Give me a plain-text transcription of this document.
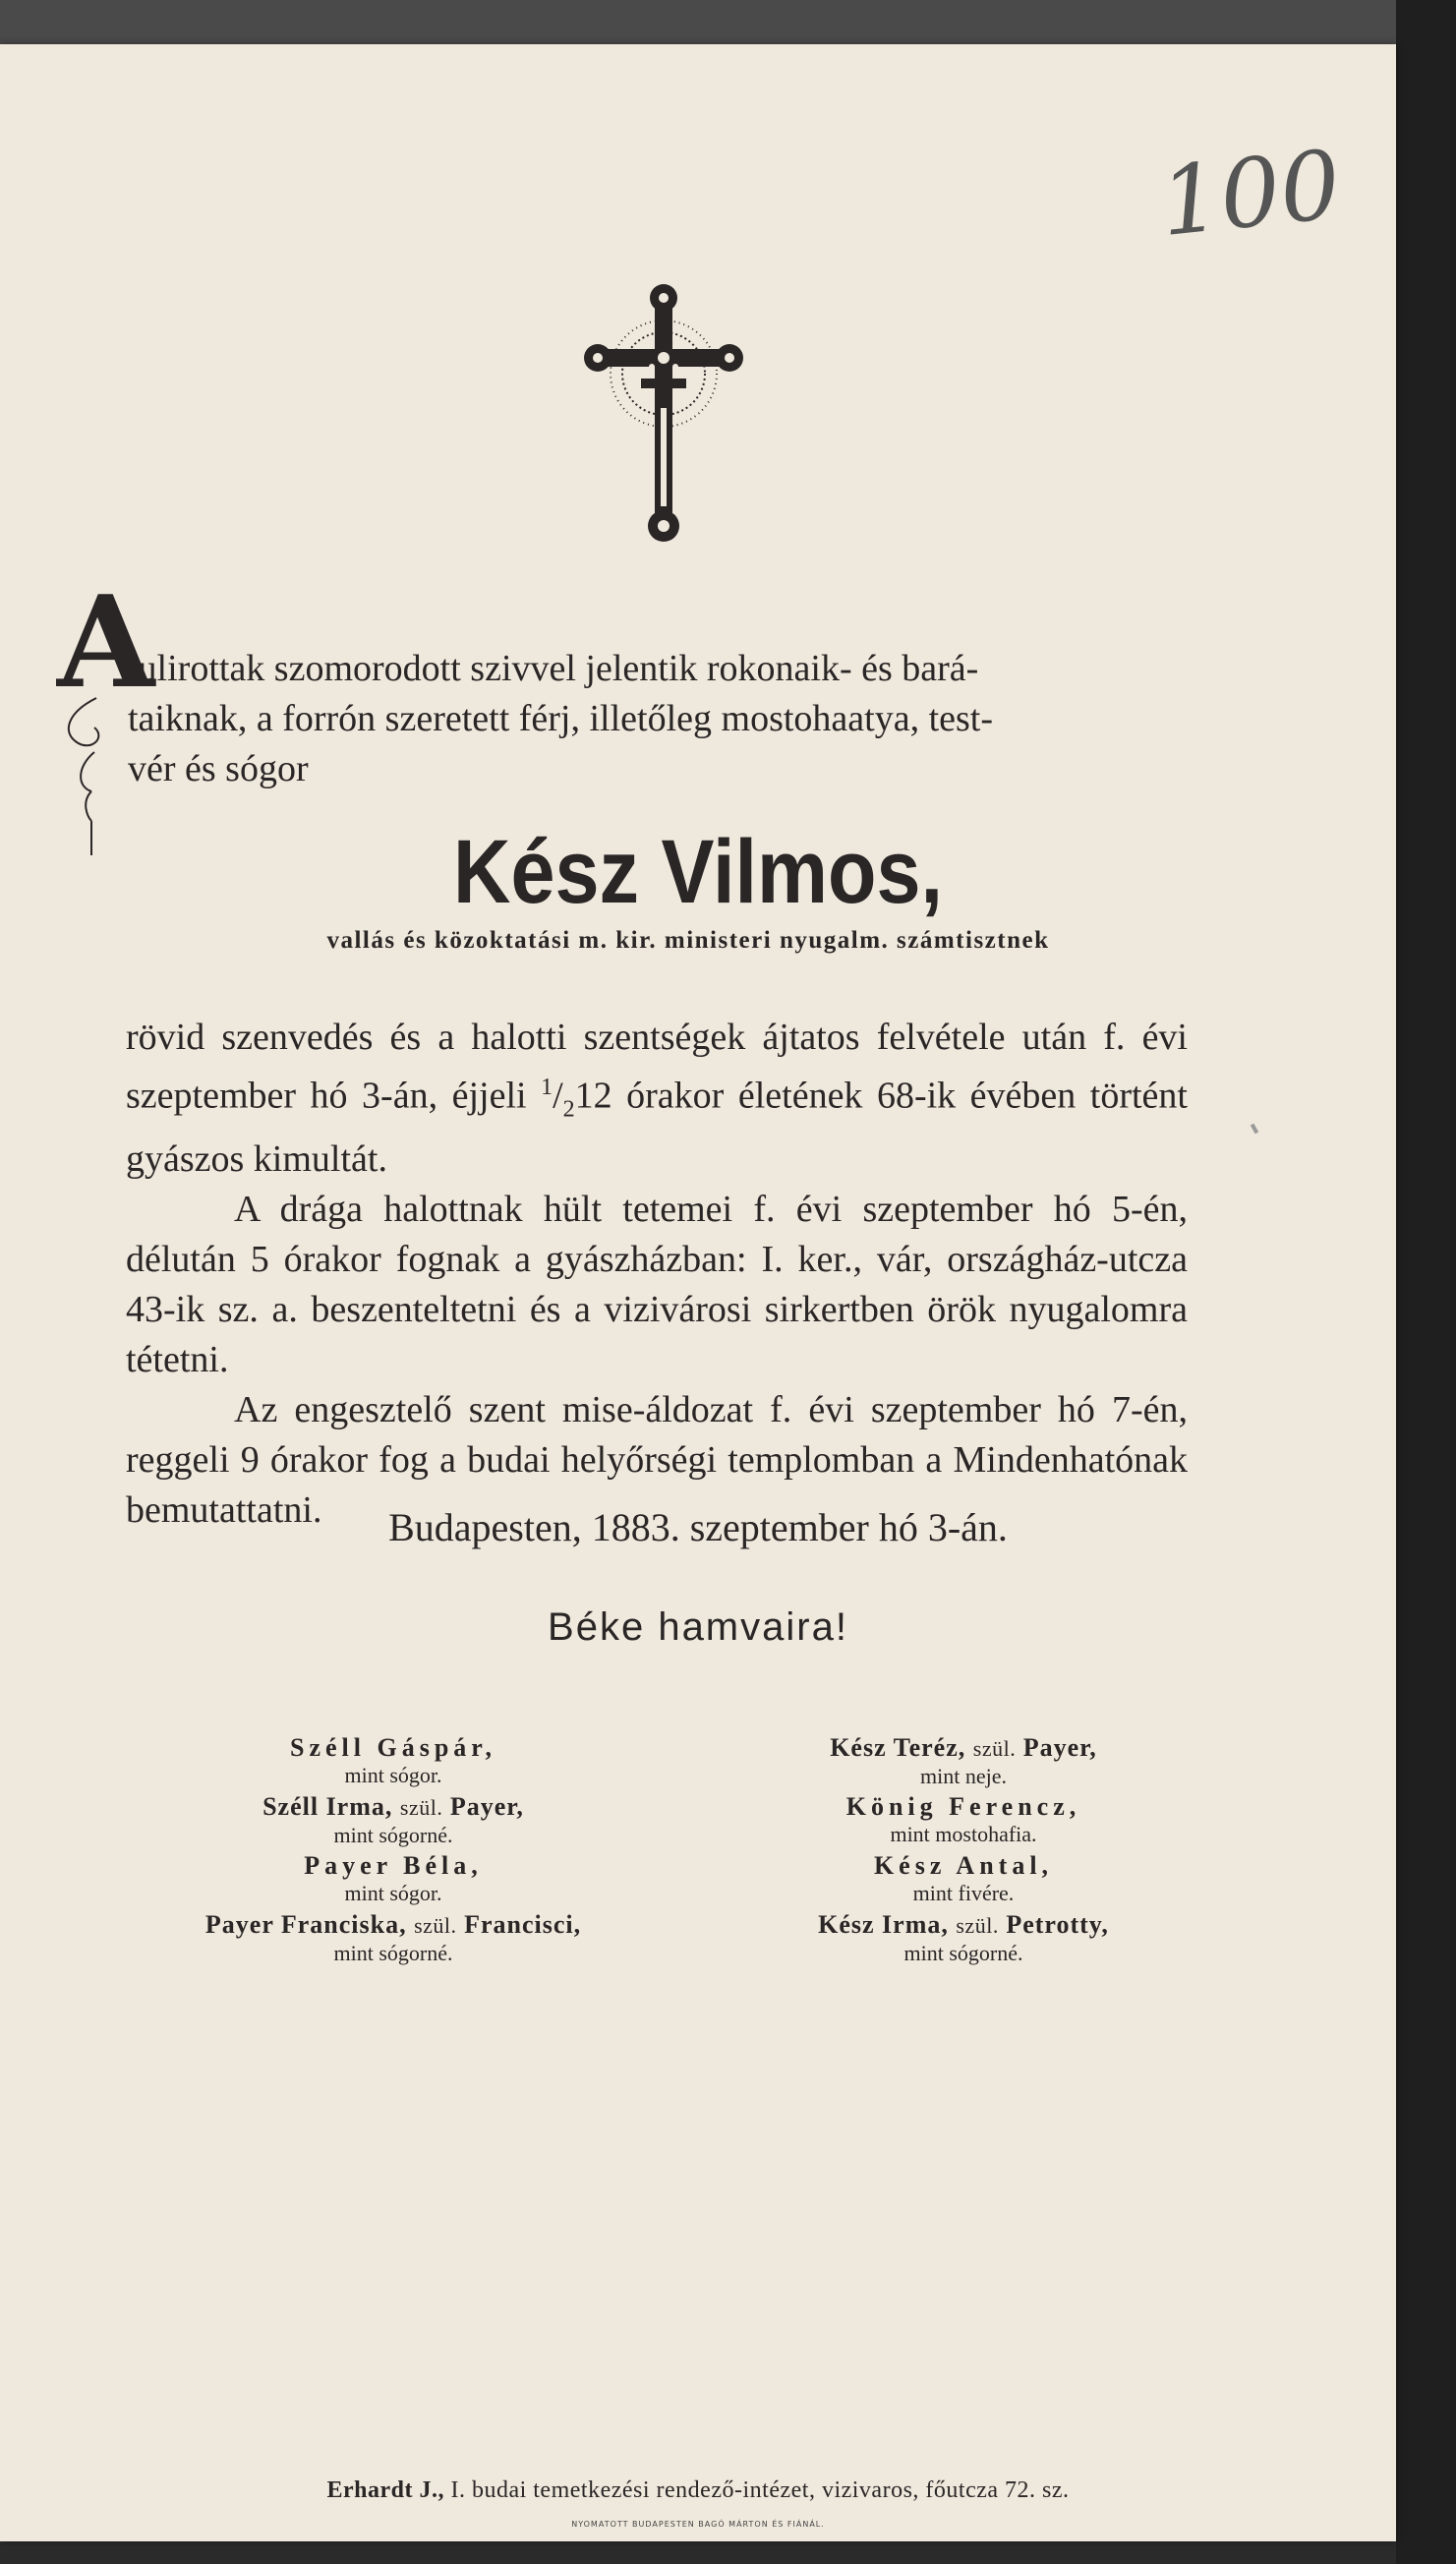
100
A
lulirottak szomorodott szivvel jelentik rokonaik- és bará-
taiknak, a forrón szeretett férj, illetőleg mostohaatya, test-
vér és sógor
Kész Vilmos,
vallás és közoktatási m. kir. ministeri nyugalm. számtisztnek

rövid szenvedés és a halotti szentségek ájtatos felvétele után f. évi szeptember hó 3-án, éjjeli $^1/_212$ órakor életének 68-ik évében történt gyászos kimultát.

A drága halottnak hült tetemei f. évi szeptember hó 5-én, délután 5 órakor fognak a gyászházban: I. ker., vár, országház-utcza 43-ik sz. a. beszenteltetni és a vizivárosi sirkertben örök nyugalomra tétetni.

Az engesztelő szent mise-áldozat f. évi szeptember hó 7-én, reggeli 9 órakor fog a budai helyőrségi templomban a Mindenhatónak bemutattatni.	Budapesten, 1883. szeptember hó 3-án.
Béke hamvaira!
Széll Gáspár,
mint sógor.
Széll Irma, szül. Payer,
mint sógorné.
Payer Béla,
mint sógor.
Payer Franciska, szül. Francisci,
mint sógorné.
Kész Teréz, szül. Payer,
mint neje.
König Ferencz,
mint mostohafia.
Kész Antal,
mint fivére.
Kész Irma, szül. Petrotty,
mint sógorné.
Erhardt J., I. budai temetkezési rendező-intézet, vizivaros, főutcza 72. sz.
NYOMATOTT BUDAPESTEN BAGÓ MÁRTON ÉS FIÁNÁL.
